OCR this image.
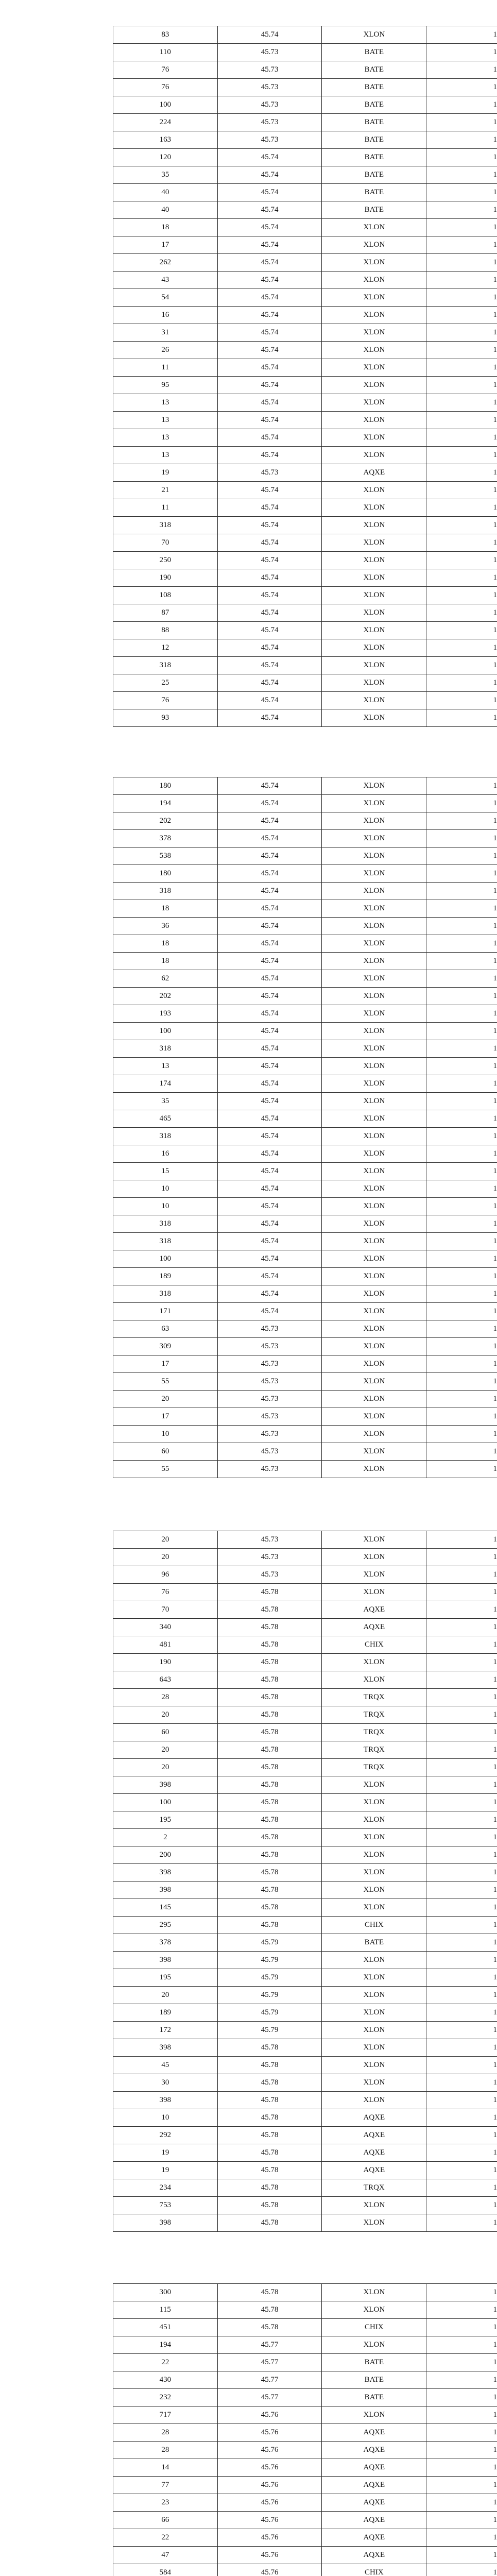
83	45.74	XLON	1
110	45.73	BATE	1
76	45.73	BATE	1
76	45.73	BATE	1
100	45.73	BATE	1
224	45.73	BATE	1
163	45.73	BATE	1
120	45.74	BATE	1
35	45.74	BATE	1
40	45.74	BATE	1
40	45.74	BATE	1
18	45.74	XLON	1
17	45.74	XLON	1
262	45.74	XLON	1
43	45.74	XLON	1
54	45.74	XLON	1
16	45.74	XLON	1
31	45.74	XLON	1
26	45.74	XLON	1
11	45.74	XLON	1
95	45.74	XLON	1
13	45.74	XLON	1
13	45.74	XLON	1
13	45.74	XLON	1
13	45.74	XLON	1
19	45.73	AQXE	1
21	45.74	XLON	1
11	45.74	XLON	1
318	45.74	XLON	1
70	45.74	XLON	1
250	45.74	XLON	1
190	45.74	XLON	1
108	45.74	XLON	1
87	45.74	XLON	1
88	45.74	XLON	1
12	45.74	XLON	1
318	45.74	XLON	1
25	45.74	XLON	1
76	45.74	XLON	1
93	45.74	XLON	1
180	45.74	XLON	1
194	45.74	XLON	1
202	45.74	XLON	1
378	45.74	XLON	1
538	45.74	XLON	1
180	45.74	XLON	1
318	45.74	XLON	1
18	45.74	XLON	1
36	45.74	XLON	1
18	45.74	XLON	1
18	45.74	XLON	1
62	45.74	XLON	1
202	45.74	XLON	1
193	45.74	XLON	1
100	45.74	XLON	1
318	45.74	XLON	1
13	45.74	XLON	1
174	45.74	XLON	1
35	45.74	XLON	1
465	45.74	XLON	1
318	45.74	XLON	1
16	45.74	XLON	1
15	45.74	XLON	1
10	45.74	XLON	1
10	45.74	XLON	1
318	45.74	XLON	1
318	45.74	XLON	1
100	45.74	XLON	1
189	45.74	XLON	1
318	45.74	XLON	1
171	45.74	XLON	1
63	45.73	XLON	1
309	45.73	XLON	1
17	45.73	XLON	1
55	45.73	XLON	1
20	45.73	XLON	1
17	45.73	XLON	1
10	45.73	XLON	1
60	45.73	XLON	1
55	45.73	XLON	1
20	45.73	XLON	1
20	45.73	XLON	1
96	45.73	XLON	1
76	45.78	XLON	1
70	45.78	AQXE	1
340	45.78	AQXE	1
481	45.78	CHIX	1
190	45.78	XLON	1
643	45.78	XLON	1
28	45.78	TRQX	1
20	45.78	TRQX	1
60	45.78	TRQX	1
20	45.78	TRQX	1
20	45.78	TRQX	1
398	45.78	XLON	1
100	45.78	XLON	1
195	45.78	XLON	1
2	45.78	XLON	1
200	45.78	XLON	1
398	45.78	XLON	1
398	45.78	XLON	1
145	45.78	XLON	1
295	45.78	CHIX	1
378	45.79	BATE	1
398	45.79	XLON	1
195	45.79	XLON	1
20	45.79	XLON	1
189	45.79	XLON	1
172	45.79	XLON	1
398	45.78	XLON	1
45	45.78	XLON	1
30	45.78	XLON	1
398	45.78	XLON	1
10	45.78	AQXE	1
292	45.78	AQXE	1
19	45.78	AQXE	1
19	45.78	AQXE	1
234	45.78	TRQX	1
753	45.78	XLON	1
398	45.78	XLON	1
300	45.78	XLON	1
115	45.78	XLON	1
451	45.78	CHIX	1
194	45.77	XLON	1
22	45.77	BATE	1
430	45.77	BATE	1
232	45.77	BATE	1
717	45.76	XLON	1
28	45.76	AQXE	1
28	45.76	AQXE	1
14	45.76	AQXE	1
77	45.76	AQXE	1
23	45.76	AQXE	1
66	45.76	AQXE	1
22	45.76	AQXE	1
47	45.76	AQXE	1
584	45.76	CHIX	1
